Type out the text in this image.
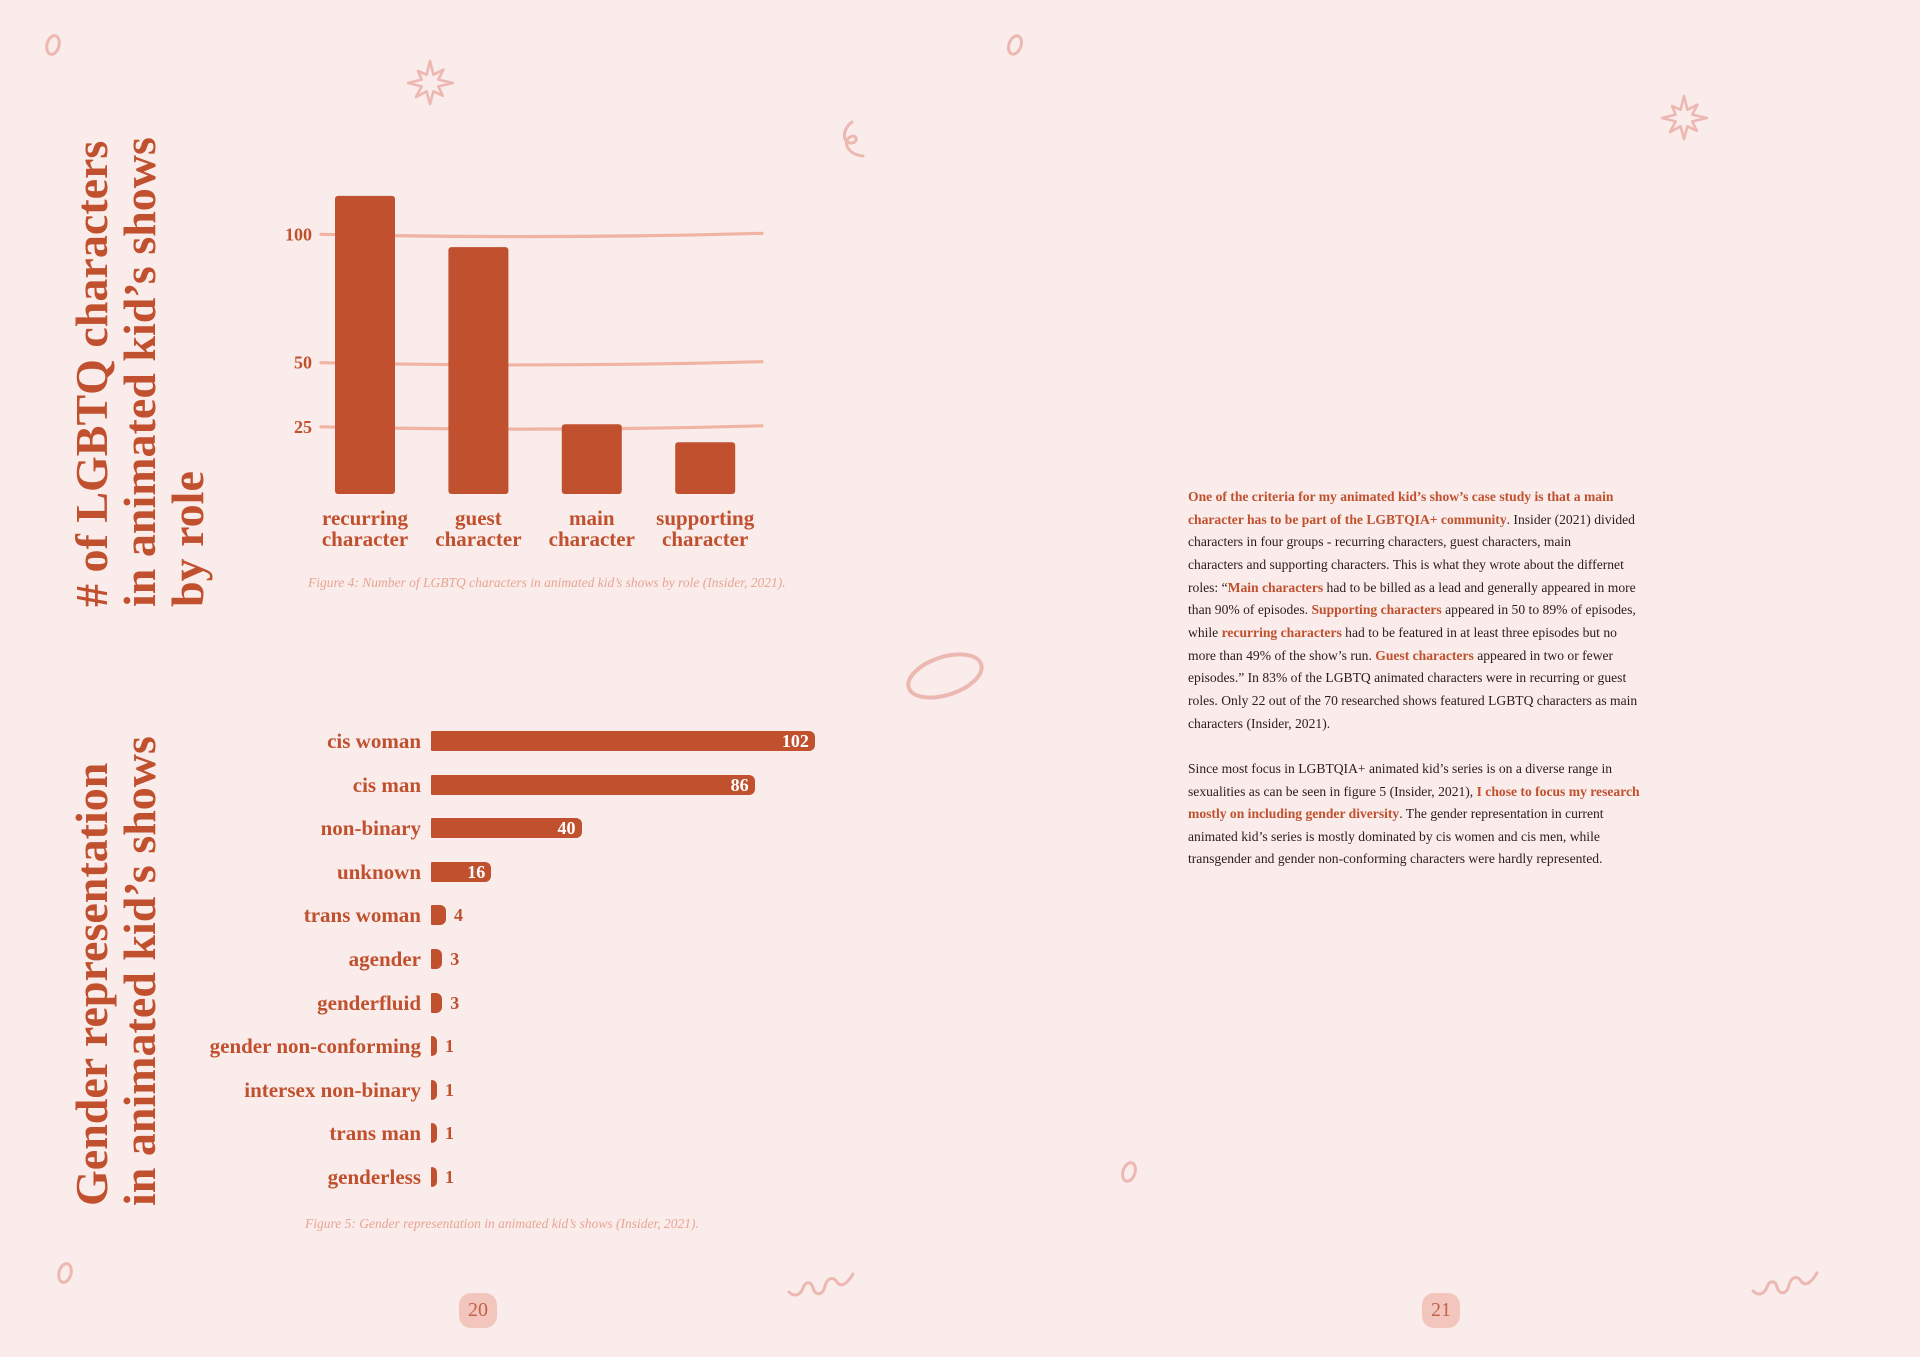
# of LGBTQ characters
in animated kid’s shows
by role
25
50
100
recurring character
guest character
main character
supporting character
Figure 4: Number of LGBTQ characters in animated kid’s shows by role (Insider, 2021).
Gender representation
in animated kid’s shows	cis woman	102
cis man	86
non-binary	40
unknown	16
trans woman 4
agender 3
genderfluid 3
gender non-conforming 1
intersex non-binary 1
trans man 1
genderless 1
Figure 5: Gender representation in animated kid’s shows (Insider, 2021).
20
One of the criteria for my animated kid’s show’s case study is that a main
character has to be part of the LGBTQIA+ community. Insider (2021) divided
characters in four groups - recurring characters, guest characters, main
characters and supporting characters. This is what they wrote about the differnet
roles: “Main characters had to be billed as a lead and generally appeared in more
than 90% of episodes. Supporting characters appeared in 50 to 89% of episodes,
while recurring characters had to be featured in at least three episodes but no
more than 49% of the show’s run. Guest characters appeared in two or fewer
episodes.” In 83% of the LGBTQ animated characters were in recurring or guest
roles. Only 22 out of the 70 researched shows featured LGBTQ characters as main
characters (Insider, 2021).
Since most focus in LGBTQIA+ animated kid’s series is on a diverse range in
sexualities as can be seen in figure 5 (Insider, 2021), I chose to focus my research
mostly on including gender diversity. The gender representation in current
animated kid’s series is mostly dominated by cis women and cis men, while
transgender and gender non-conforming characters were hardly represented.
21
